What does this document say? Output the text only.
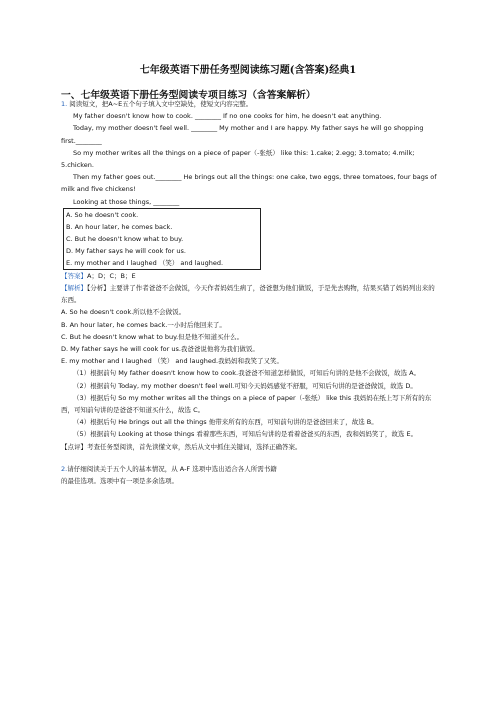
七年级英语下册任务型阅读练习题(含答案)经典1
一、七年级英语下册任务型阅读专项目练习（含答案解析）

1. 阅读短文，把A~E五个句子填入文中空缺处，使短文内容完整。

My father doesn't know how to cook. ________ If no one cooks for him, he doesn't eat anything.

Today, my mother doesn't feel well. ________ My mother and I are happy. My father says he will go shopping first.________

So my mother writes all the things on a piece of paper（-张纸） like this: 1.cake; 2.egg; 3.tomato; 4.milk; 5.chicken.

Then my father goes out.________ He brings out all the things: one cake, two eggs, three tomatoes, four bags of milk and five chickens!

Looking at those things, ________

A. So he doesn't cook.
B. An hour later, he comes back.
C. But he doesn't know what to buy.
D. My father says he will cook for us.
E. my mother and I laughed （笑） and laughed.

【答案】A；D；C；B；E

【解析】【分析】主要讲了作者爸爸不会做饭，今天作者妈妈生病了，爸爸想为他们做饭，于是先去购物，结果买错了妈妈列出来的东西。

A. So he doesn't cook.所以他不会做饭。

B. An hour later, he comes back.一小时后他回来了。

C. But he doesn't know what to buy.但是他不知道买什么。

D. My father says he will cook for us.我爸爸说他将为我们做饭。

E. my mother and I laughed （笑） and laughed.我妈妈和我笑了又笑。

（1）根据前句 My father doesn't know how to cook.我爸爸不知道怎样做饭，可知后句讲的是他不会做饭，故选 A。

（2）根据前句 Today, my mother doesn't feel well.可知今天妈妈感觉不舒服，可知后句讲的是爸爸做饭，故选 D。

（3）根据后句 So my mother writes all the things on a piece of paper（-张纸） like this 我妈妈在纸上写下所有的东西，可知前句讲的是爸爸不知道买什么，故选 C。

（4）根据后句 He brings out all the things 他带来所有的东西，可知前句讲的是爸爸回来了，故选 B。

（5）根据前句 Looking at those things 看着那些东西，可知后句讲的是看着爸爸买的东西，我和妈妈笑了，故选 E。

【点评】考查任务型阅读，首先读懂文章，然后从文中抓住关键词，选择正确答案。

2.请仔细阅读关于五个人的基本情况，从 A-F 选项中选出适合各人所需书籍

的最佳选项。选项中有一项是多余选项。
